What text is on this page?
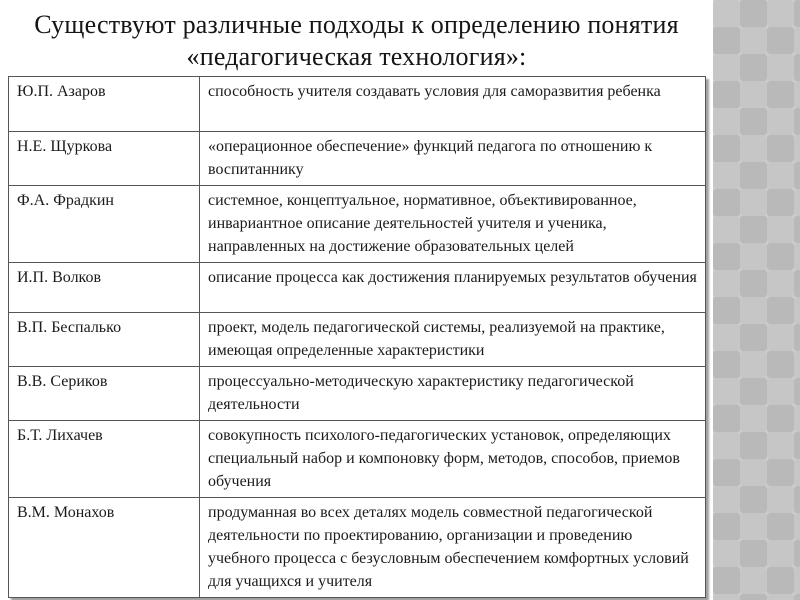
Существуют различные подходы к определению понятия
«педагогическая технология»:
Ю.П. Азаров	способность учителя создавать условия для саморазвития ребенка
Н.Е. Щуркова	«операционное обеспечение» функций педагога по отношению к воспитаннику
Ф.А. Фрадкин	системное, концептуальное, нормативное, объективированное, инвариантное описание деятельностей учителя и ученика, направленных на достижение образовательных целей
И.П. Волков	описание процесса как достижения планируемых результатов обучения
В.П. Беспалько	проект, модель педагогической системы, реализуемой на практике, имеющая определенные характеристики
В.В. Сериков	процессуально-методическую характеристику педагогической деятельности
Б.Т. Лихачев	совокупность психолого-педагогических установок, определяющих специальный набор и компоновку форм, методов, способов, приемов обучения
В.М. Монахов	продуманная во всех деталях модель совместной педагогической деятельности по проектированию, организации и проведению учебного процесса с безусловным обеспечением комфортных условий для учащихся и учителя
